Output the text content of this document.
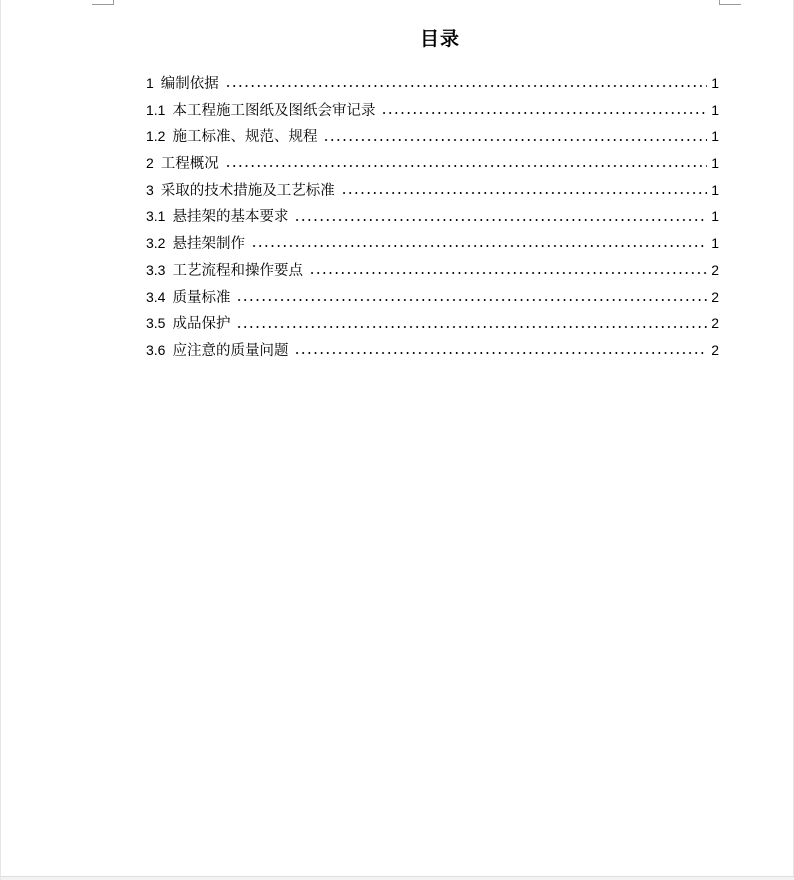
目录
1 编制依据	1
1.1 本工程施工图纸及图纸会审记录	1
1.2 施工标准、规范、规程	1
2 工程概况	1
3 采取的技术措施及工艺标准	1
3.1 悬挂架的基本要求	1
3.2 悬挂架制作	1
3.3 工艺流程和操作要点	2
3.4 质量标准	2
3.5 成品保护	2
3.6 应注意的质量问题	2
